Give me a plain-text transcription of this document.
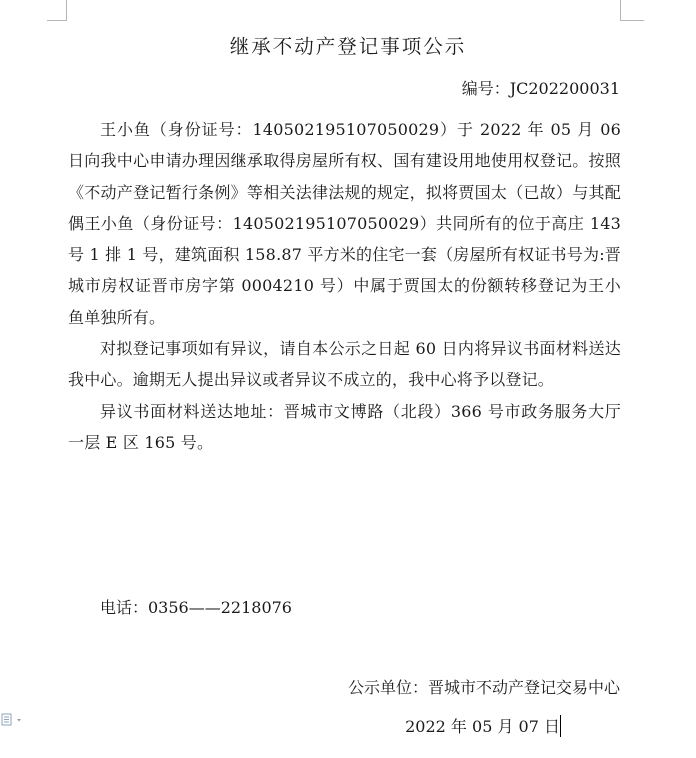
继承不动产登记事项公示
编号：JC202200031

王小鱼（身份证号：140502195107050029）于 2022 年 05 月 06 日向我中心申请办理因继承取得房屋所有权、国有建设用地使用权登记。按照《不动产登记暂行条例》等相关法律法规的规定，拟将贾国太（已故）与其配偶王小鱼（身份证号：140502195107050029）共同所有的位于高庄 143 号 1 排 1 号，建筑面积 158.87 平方米的住宅一套（房屋所有权证书号为:晋城市房权证晋市房字第 0004210 号）中属于贾国太的份额转移登记为王小鱼单独所有。

对拟登记事项如有异议，请自本公示之日起 60 日内将异议书面材料送达我中心。逾期无人提出异议或者异议不成立的，我中心将予以登记。

异议书面材料送达地址：晋城市文博路（北段）366 号市政务服务大厅一层 E 区 165 号。

电话：0356——2218076
公示单位：晋城市不动产登记交易中心
2022 年 05 月 07 日
